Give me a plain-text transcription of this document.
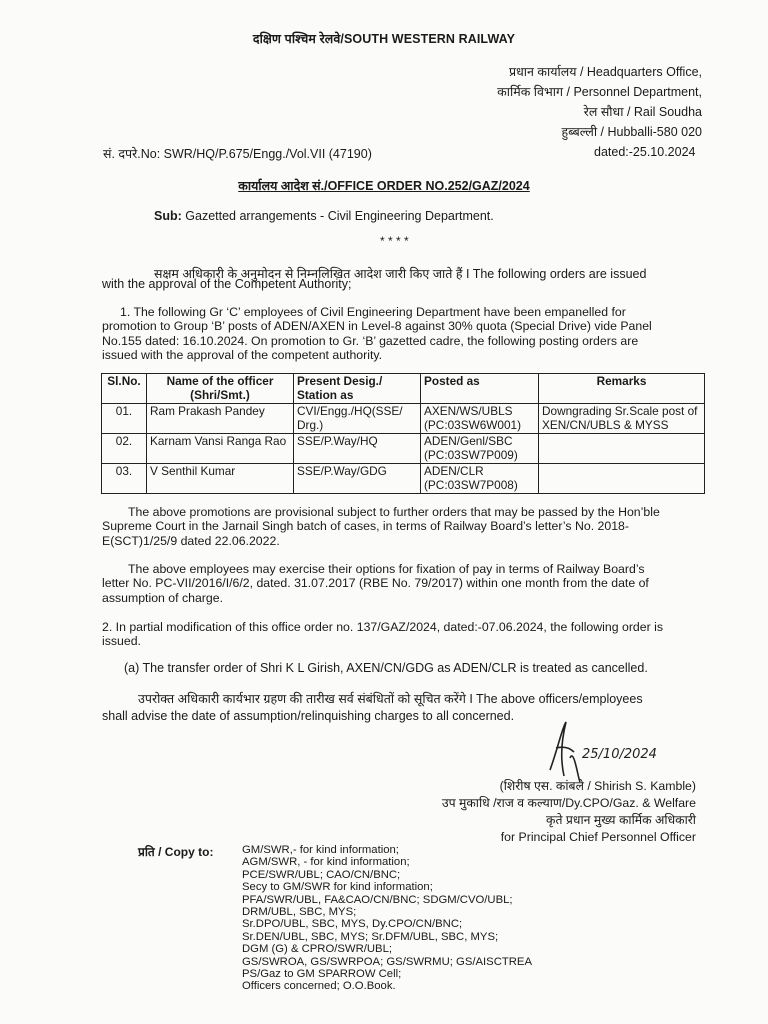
दक्षिण पश्चिम रेलवे/SOUTH WESTERN RAILWAY
प्रधान कार्यालय / Headquarters Office,
कार्मिक विभाग / Personnel Department,
रेल सौधा / Rail Soudha
हुब्बल्ली / Hubballi-580 020
सं. दपरे.No: SWR/HQ/P.675/Engg./Vol.VII (47190)	dated:-25.10.2024
कार्यालय आदेश सं./OFFICE ORDER NO.252/GAZ/2024
Sub: Gazetted arrangements - Civil Engineering Department.
* * * *
सक्षम अधिकारी के अनुमोदन से निम्नलिखित आदेश जारी किए जाते हैं I The following orders are issued
with the approval of the Competent Authority;
1. The following Gr ‘C’ employees of Civil Engineering Department have been empanelled for
promotion to Group ‘B’ posts of ADEN/AXEN in Level-8 against 30% quota (Special Drive) vide Panel
No.155 dated: 16.10.2024. On promotion to Gr. ‘B’ gazetted cadre, the following posting orders are
issued with the approval of the competent authority.
Sl.No.	Name of the officer (Shri/Smt.)	Present Desig./ Station as	Posted as	Remarks
01.	Ram Prakash Pandey	CVI/Engg./HQ(SSE/ Drg.)	AXEN/WS/UBLS (PC:03SW6W001)	Downgrading Sr.Scale post of XEN/CN/UBLS & MYSS
02.	Karnam Vansi Ranga Rao	SSE/P.Way/HQ	ADEN/Genl/SBC (PC:03SW7P009)	
03.	V Senthil Kumar	SSE/P.Way/GDG	ADEN/CLR (PC:03SW7P008)	
The above promotions are provisional subject to further orders that may be passed by the Hon’ble
Supreme Court in the Jarnail Singh batch of cases, in terms of Railway Board’s letter’s No. 2018-
E(SCT)1/25/9 dated 22.06.2022.
The above employees may exercise their options for fixation of pay in terms of Railway Board’s
letter No. PC-VII/2016/I/6/2, dated. 31.07.2017 (RBE No. 79/2017) within one month from the date of
assumption of charge.
2. In partial modification of this office order no. 137/GAZ/2024, dated:-07.06.2024, the following order is
issued.
(a) The transfer order of Shri K L Girish, AXEN/CN/GDG as ADEN/CLR is treated as cancelled.
उपरोक्त अधिकारी कार्यभार ग्रहण की तारीख सर्व संबंधितों को सूचित करेंगे I The above officers/employees
shall advise the date of assumption/relinquishing charges to all concerned.
25/10/2024
(शिरीष एस. कांबले / Shirish S. Kamble)
उप मुकाधि /राज व कल्याण/Dy.CPO/Gaz. & Welfare
कृते प्रधान मुख्य कार्मिक अधिकारी
for Principal Chief Personnel Officer
प्रति / Copy to:	GM/SWR,- for kind information;
AGM/SWR, - for kind information;
PCE/SWR/UBL; CAO/CN/BNC;
Secy to GM/SWR for kind information;
PFA/SWR/UBL, FA&CAO/CN/BNC; SDGM/CVO/UBL;
DRM/UBL, SBC, MYS;
Sr.DPO/UBL, SBC, MYS, Dy.CPO/CN/BNC;
Sr.DEN/UBL, SBC, MYS; Sr.DFM/UBL, SBC, MYS;
DGM (G) & CPRO/SWR/UBL;
GS/SWROA, GS/SWRPOA; GS/SWRMU; GS/AISCTREA
PS/Gaz to GM SPARROW Cell;
Officers concerned; O.O.Book.
